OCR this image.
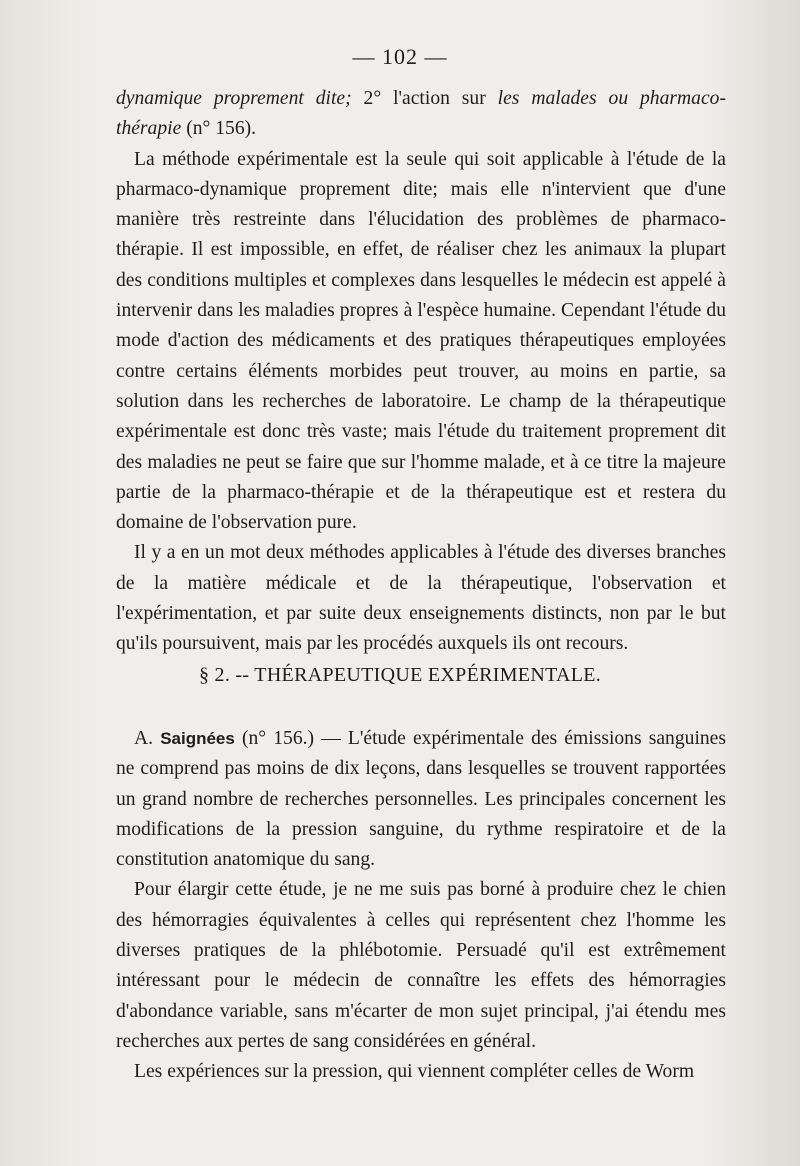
— 102 —

dynamique proprement dite; 2° l'action sur les malades ou pharmaco-thérapie (n° 156).

La méthode expérimentale est la seule qui soit applicable à l'étude de la pharmaco-dynamique proprement dite; mais elle n'intervient que d'une manière très restreinte dans l'élucidation des problèmes de pharmaco-thérapie. Il est impossible, en effet, de réaliser chez les animaux la plupart des conditions multiples et complexes dans lesquelles le médecin est appelé à intervenir dans les maladies propres à l'espèce humaine. Cependant l'étude du mode d'action des médicaments et des pratiques thérapeutiques employées contre certains éléments morbides peut trouver, au moins en partie, sa solution dans les recherches de laboratoire. Le champ de la thérapeutique expérimentale est donc très vaste; mais l'étude du traitement proprement dit des maladies ne peut se faire que sur l'homme malade, et à ce titre la majeure partie de la pharmaco-thérapie et de la thérapeutique est et restera du domaine de l'observation pure.

Il y a en un mot deux méthodes applicables à l'étude des diverses branches de la matière médicale et de la thérapeutique, l'observation et l'expérimentation, et par suite deux enseignements distincts, non par le but qu'ils poursuivent, mais par les procédés auxquels ils ont recours.

§ 2. -- THÉRAPEUTIQUE EXPÉRIMENTALE.

A. Saignées (n° 156.) — L'étude expérimentale des émissions sanguines ne comprend pas moins de dix leçons, dans lesquelles se trouvent rapportées un grand nombre de recherches personnelles. Les principales concernent les modifications de la pression sanguine, du rythme respiratoire et de la constitution anatomique du sang.

Pour élargir cette étude, je ne me suis pas borné à produire chez le chien des hémorragies équivalentes à celles qui représentent chez l'homme les diverses pratiques de la phlébotomie. Persuadé qu'il est extrêmement intéressant pour le médecin de connaître les effets des hémorragies d'abondance variable, sans m'écarter de mon sujet principal, j'ai étendu mes recherches aux pertes de sang considérées en général.

Les expériences sur la pression, qui viennent compléter celles de Worm
